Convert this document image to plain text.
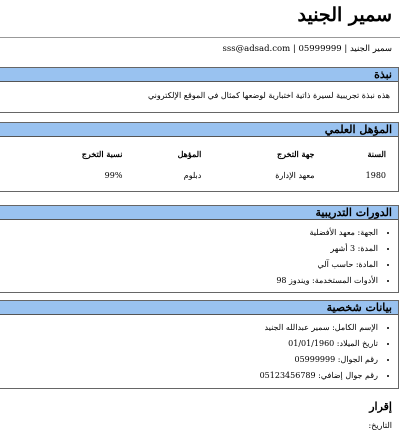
سمير الجنيد
سمير الجنيد | 05999999 | sss@adsad.com
نبذة
هذه نبذة تجريبية لسيرة ذاتية اختبارية لوضعها كمثال في الموقع الإلكتروني
المؤهل العلمي
السنة	جهة التخرج	المؤهل	نسبة التخرج
1980	معهد الإدارة	دبلوم	99%
الدورات التدريبية
• الجهة: معهد الأفضلية
• المدة: 3 أشهر
• المادة: حاسب آلي
• الأدوات المستخدمة: ويندوز 98
بيانات شخصية
• الإسم الكامل: سمير عبدالله الجنيد
• تاريخ الميلاد: 01/01/1960
• رقم الجوال: 05999999
• رقم جوال إضافي: 05123456789
إقرار
التاريخ:
